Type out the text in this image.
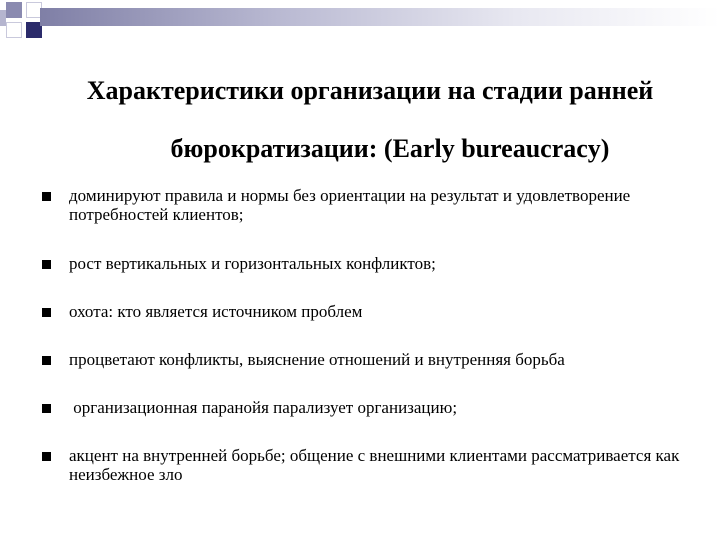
Характеристики организации на стадии ранней
бюрократизации: (Early bureaucracy)
доминируют правила и нормы без ориентации на результат и удовлетворение потребностей клиентов;
рост вертикальных и горизонтальных конфликтов;
охота: кто является источником проблем
процветают конфликты, выяснение отношений и внутренняя борьба
организационная паранойя парализует организацию;
акцент на внутренней борьбе; общение с внешними клиентами рассматривается как неизбежное зло
